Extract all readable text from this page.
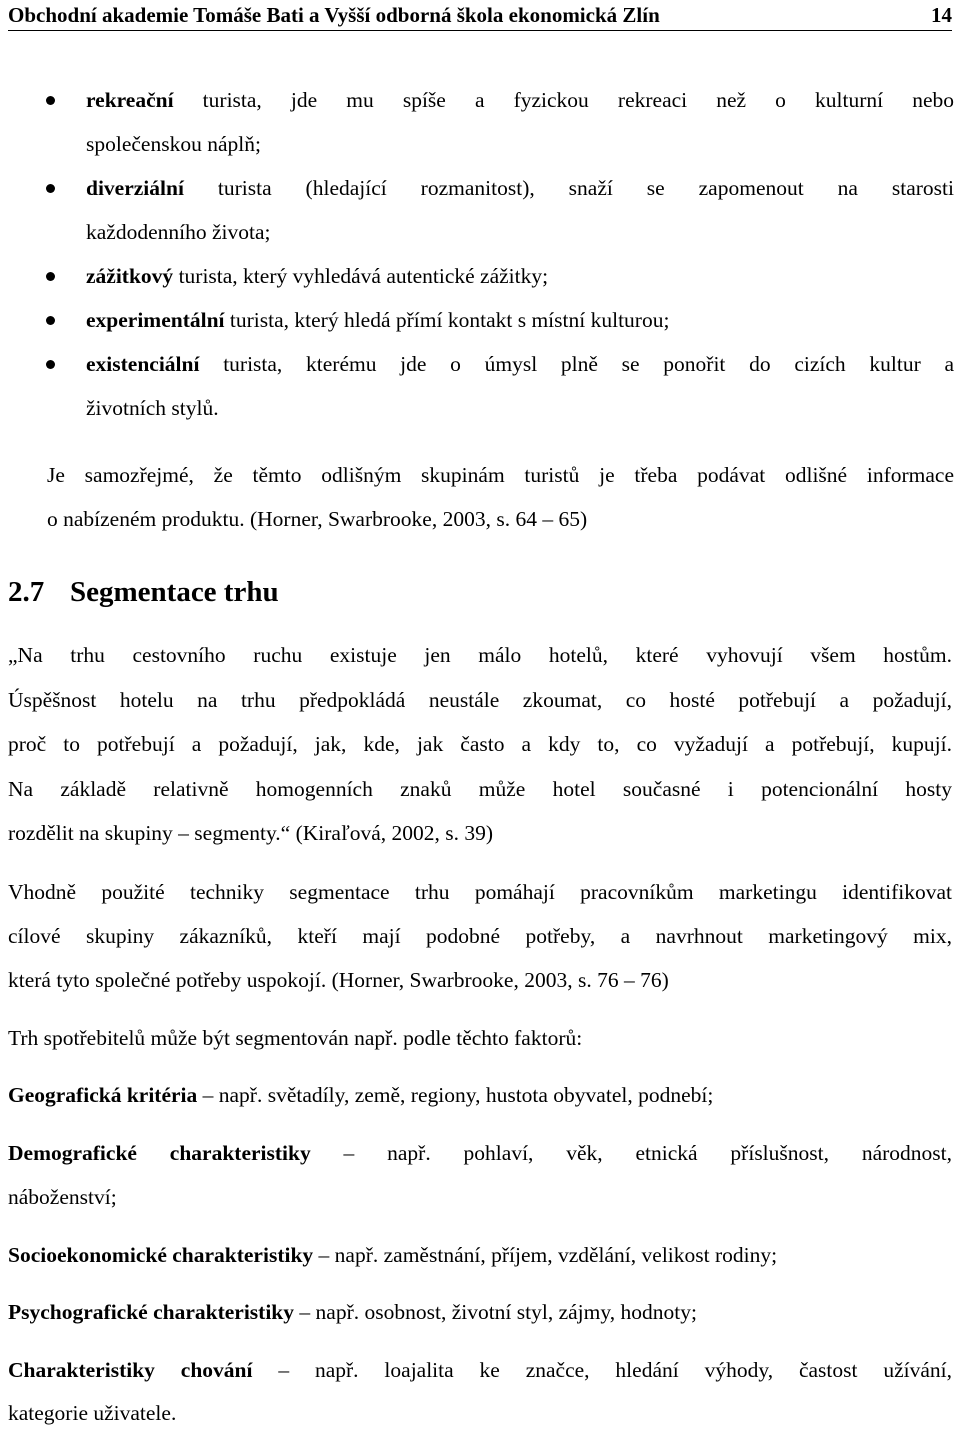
Obchodní akademie Tomáše Bati a Vyšší odborná škola ekonomická Zlín	14
rekreační turista, jde mu spíše a fyzickou rekreaci než o kulturní nebo
společenskou náplň;
diverziální turista (hledající rozmanitost), snaží se zapomenout na starosti
každodenního života;
zážitkový turista, který vyhledává autentické zážitky;
experimentální turista, který hledá přímí kontakt s místní kulturou;
existenciální turista, kterému jde o úmysl plně se ponořit do cizích kultur a
životních stylů.
Je samozřejmé, že těmto odlišným skupinám turistů je třeba podávat odlišné informace
o nabízeném produktu. (Horner, Swarbrooke, 2003, s. 64 – 65)
2.7 Segmentace trhu
„Na trhu cestovního ruchu existuje jen málo hotelů, které vyhovují všem hostům.
Úspěšnost hotelu na trhu předpokládá neustále zkoumat, co hosté potřebují a požadují,
proč to potřebují a požadují, jak, kde, jak často a kdy to, co vyžadují a potřebují, kupují.
Na základě relativně homogenních znaků může hotel současné i potencionální hosty
rozdělit na skupiny – segmenty.“ (Kiraľová, 2002, s. 39)
Vhodně použité techniky segmentace trhu pomáhají pracovníkům marketingu identifikovat
cílové skupiny zákazníků, kteří mají podobné potřeby, a navrhnout marketingový mix,
která tyto společné potřeby uspokojí. (Horner, Swarbrooke, 2003, s. 76 – 76)
Trh spotřebitelů může být segmentován např. podle těchto faktorů:
Geografická kritéria – např. světadíly, země, regiony, hustota obyvatel, podnebí;
Demografické charakteristiky – např. pohlaví, věk, etnická příslušnost, národnost,
náboženství;
Socioekonomické charakteristiky – např. zaměstnání, příjem, vzdělání, velikost rodiny;
Psychografické charakteristiky – např. osobnost, životní styl, zájmy, hodnoty;
Charakteristiky chování – např. loajalita ke značce, hledání výhody, častost užívání,
kategorie uživatele.
